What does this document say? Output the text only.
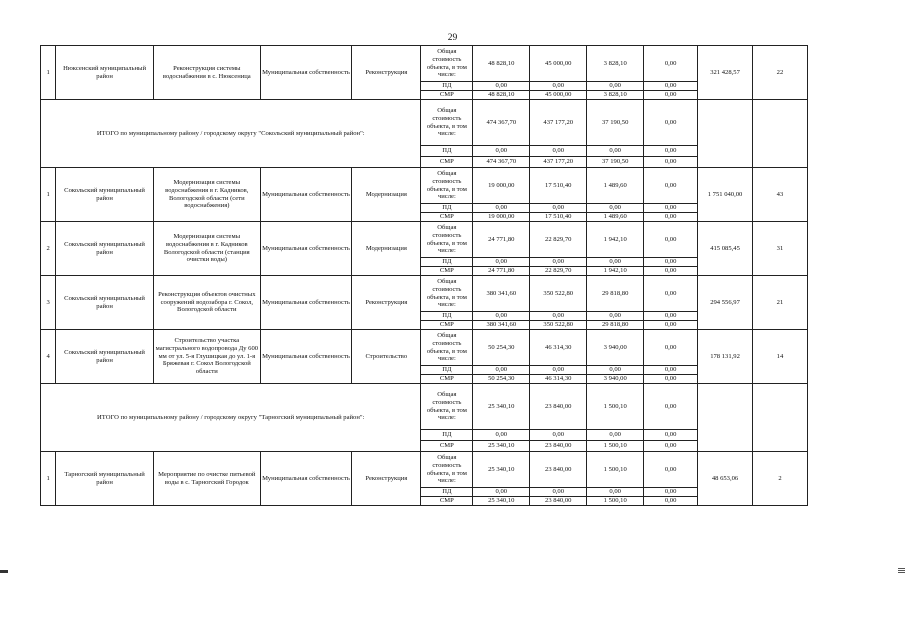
29
1	Нюксенский муниципальный район	Реконструкция системы водоснабжения в с. Нюксеница	Муниципальная собственность	Реконструкция	Общая стоимость объекта, в том числе:	48 828,10	45 000,00	3 828,10	0,00	321 428,57	22
					ПД	0,00	0,00	0,00	0,00		
					СМР	48 828,10	45 000,00	3 828,10	0,00		
ИТОГО по муниципальному району / городскому округу "Сокольский муниципальный район":					Общая стоимость объекта, в том числе:	474 367,70	437 177,20	37 190,50	0,00		
					ПД	0,00	0,00	0,00	0,00		
					СМР	474 367,70	437 177,20	37 190,50	0,00		
1	Сокольский муниципальный район	Модернизация системы водоснабжения в г. Кадников, Вологодской области (сети водоснабжения)	Муниципальная собственность	Модернизация	Общая стоимость объекта, в том числе:	19 000,00	17 510,40	1 489,60	0,00	1 751 040,00	43
					ПД	0,00	0,00	0,00	0,00		
					СМР	19 000,00	17 510,40	1 489,60	0,00		
2	Сокольский муниципальный район	Модернизация системы водоснабжения в г. Кадников Вологодской области (станция очистки воды)	Муниципальная собственность	Модернизация	Общая стоимость объекта, в том числе:	24 771,80	22 829,70	1 942,10	0,00	415 085,45	31
					ПД	0,00	0,00	0,00	0,00		
					СМР	24 771,80	22 829,70	1 942,10	0,00		
3	Сокольский муниципальный район	Реконструкция объектов очистных сооружений водозабора г. Сокол, Вологодской области	Муниципальная собственность	Реконструкция	Общая стоимость объекта, в том числе:	380 341,60	350 522,80	29 818,80	0,00	294 556,97	21
					ПД	0,00	0,00	0,00	0,00		
					СМР	380 341,60	350 522,80	29 818,80	0,00		
4	Сокольский муниципальный район	Строительство участка магистрального водопровода Ду 600 мм от ул. 5-я Глушицкая до ул. 1-я Бряжевая г. Сокол Вологодской области	Муниципальная собственность	Строительство	Общая стоимость объекта, в том числе:	50 254,30	46 314,30	3 940,00	0,00	178 131,92	14
					ПД	0,00	0,00	0,00	0,00		
					СМР	50 254,30	46 314,30	3 940,00	0,00		
ИТОГО по муниципальному району / городскому округу "Тарногский муниципальный район":					Общая стоимость объекта, в том числе:	25 340,10	23 840,00	1 500,10	0,00		
					ПД	0,00	0,00	0,00	0,00		
					СМР	25 340,10	23 840,00	1 500,10	0,00		
1	Тарногский муниципальный район	Мероприятие по очистке питьевой воды в с. Тарногский Городок	Муниципальная собственность	Реконструкция	Общая стоимость объекта, в том числе:	25 340,10	23 840,00	1 500,10	0,00	48 653,06	2
					ПД	0,00	0,00	0,00	0,00		
					СМР	25 340,10	23 840,00	1 500,10	0,00		
